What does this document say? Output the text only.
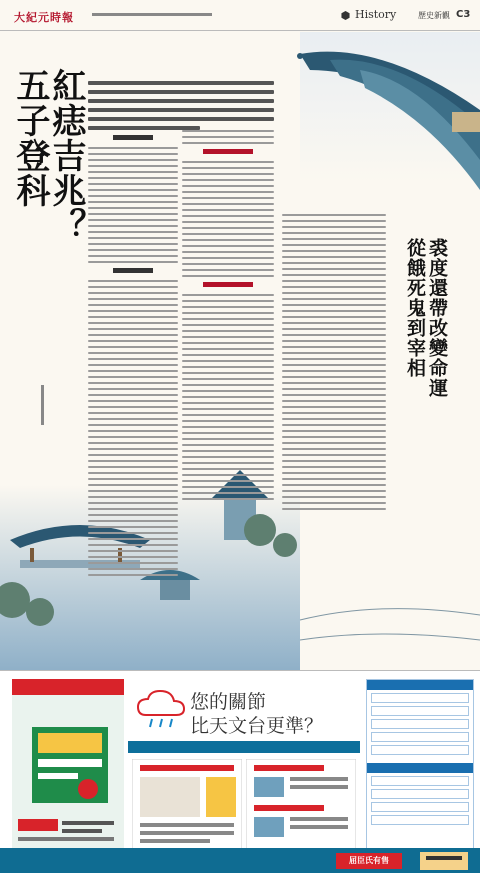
大紀元時報	History	歷史新觀 C3
紅痣吉兆？
五子登科
裘度還帶改變命運
從餓死鬼到宰相
您的關節
比天文台更準？
屈臣氏有售
